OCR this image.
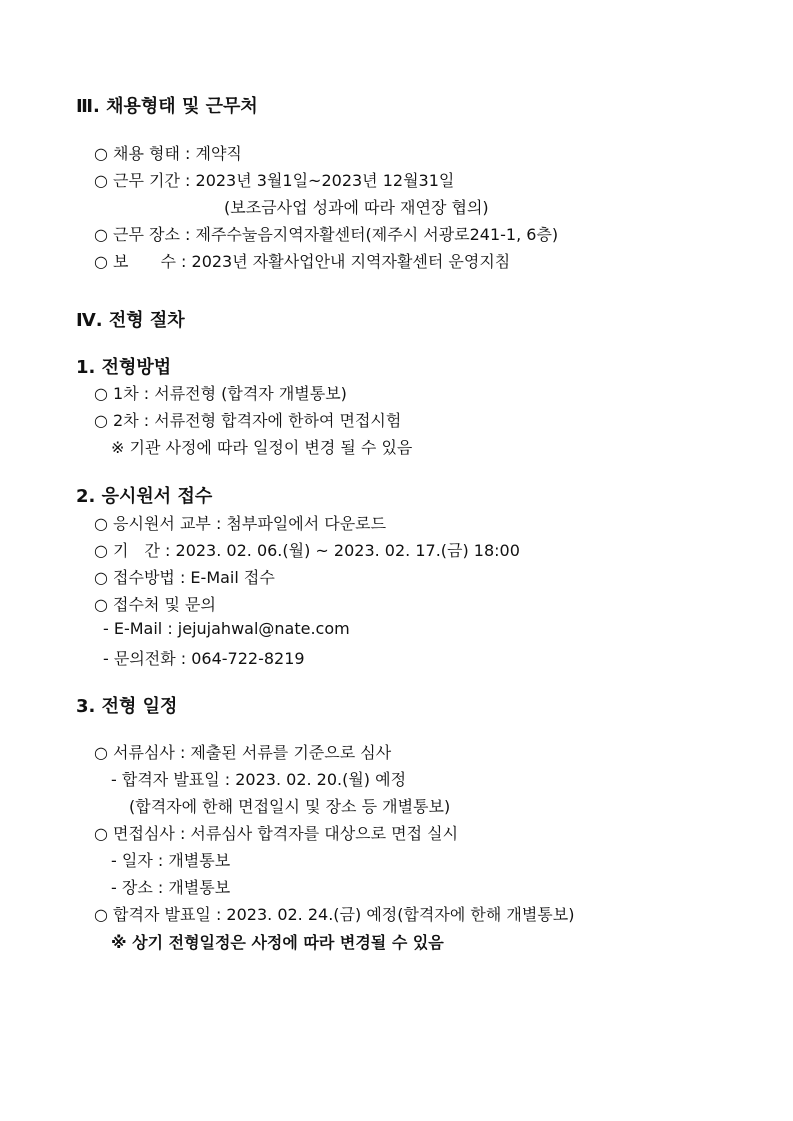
Ⅲ. 채용형태 및 근무처
○ 채용 형태 : 계약직
○ 근무 기간 : 2023년 3월1일~2023년 12월31일
(보조금사업 성과에 따라 재연장 협의)
○ 근무 장소 : 제주수눌음지역자활센터(제주시 서광로241-1, 6층)
○ 보　　수 : 2023년 자활사업안내 지역자활센터 운영지침
Ⅳ. 전형 절차
1. 전형방법
○ 1차 : 서류전형 (합격자 개별통보)
○ 2차 : 서류전형 합격자에 한하여 면접시험
※ 기관 사정에 따라 일정이 변경 될 수 있음
2. 응시원서 접수
○ 응시원서 교부 : 첨부파일에서 다운로드
○ 기　간 : 2023. 02. 06.(월) ~ 2023. 02. 17.(금) 18:00
○ 접수방법 : E-Mail 접수
○ 접수처 및 문의
- E-Mail : jejujahwal@nate.com
- 문의전화 : 064-722-8219
3. 전형 일정
○ 서류심사 : 제출된 서류를 기준으로 심사
- 합격자 발표일 : 2023. 02. 20.(월) 예정
(합격자에 한해 면접일시 및 장소 등 개별통보)
○ 면접심사 : 서류심사 합격자를 대상으로 면접 실시
- 일자 : 개별통보
- 장소 : 개별통보
○ 합격자 발표일 : 2023. 02. 24.(금) 예정(합격자에 한해 개별통보)
※ 상기 전형일정은 사정에 따라 변경될 수 있음
